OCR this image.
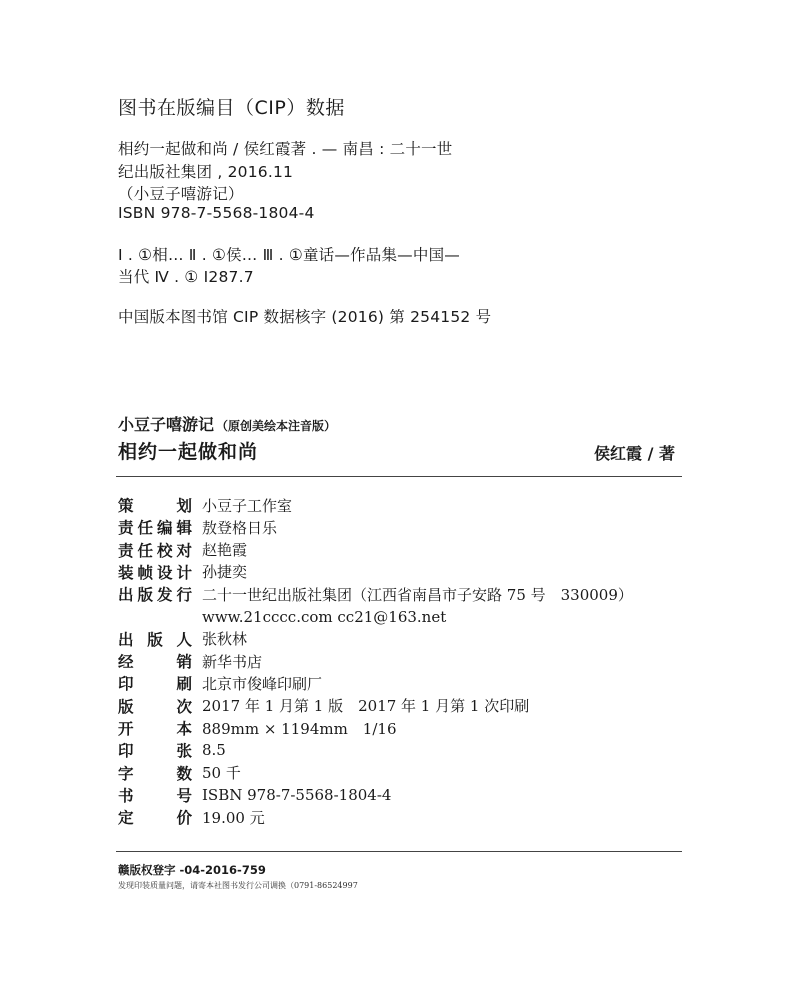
图书在版编目（CIP）数据
相约一起做和尚 / 侯红霞著 . — 南昌 : 二十一世
纪出版社集团 , 2016.11
（小豆子嘻游记）
ISBN 978-7-5568-1804-4
Ⅰ . ①相… Ⅱ . ①侯… Ⅲ . ①童话—作品集—中国—
当代 Ⅳ . ① I287.7
中国版本图书馆 CIP 数据核字 (2016) 第 254152 号
小豆子嘻游记 （原创美绘本注音版）
相约一起做和尚	侯红霞 / 著
策	划 小豆子工作室
责 任 编 辑 敖登格日乐
责 任 校 对 赵艳霞
装 帧 设 计 孙捷奕
出 版 发 行 二十一世纪出版社集团（江西省南昌市子安路 75 号　330009）
www.21cccc.com cc21@163.net
出 版 人 张秋林
经	销 新华书店
印	刷 北京市俊峰印刷厂
版	次 2017 年 1 月第 1 版　2017 年 1 月第 1 次印刷
开	本 889mm × 1194mm　1/16
印	张 8.5
字	数 50 千
书	号 ISBN 978-7-5568-1804-4
定	价 19.00 元
赣版权登字 -04-2016-759
发现印装质量问题，请寄本社图书发行公司调换（0791-86524997
